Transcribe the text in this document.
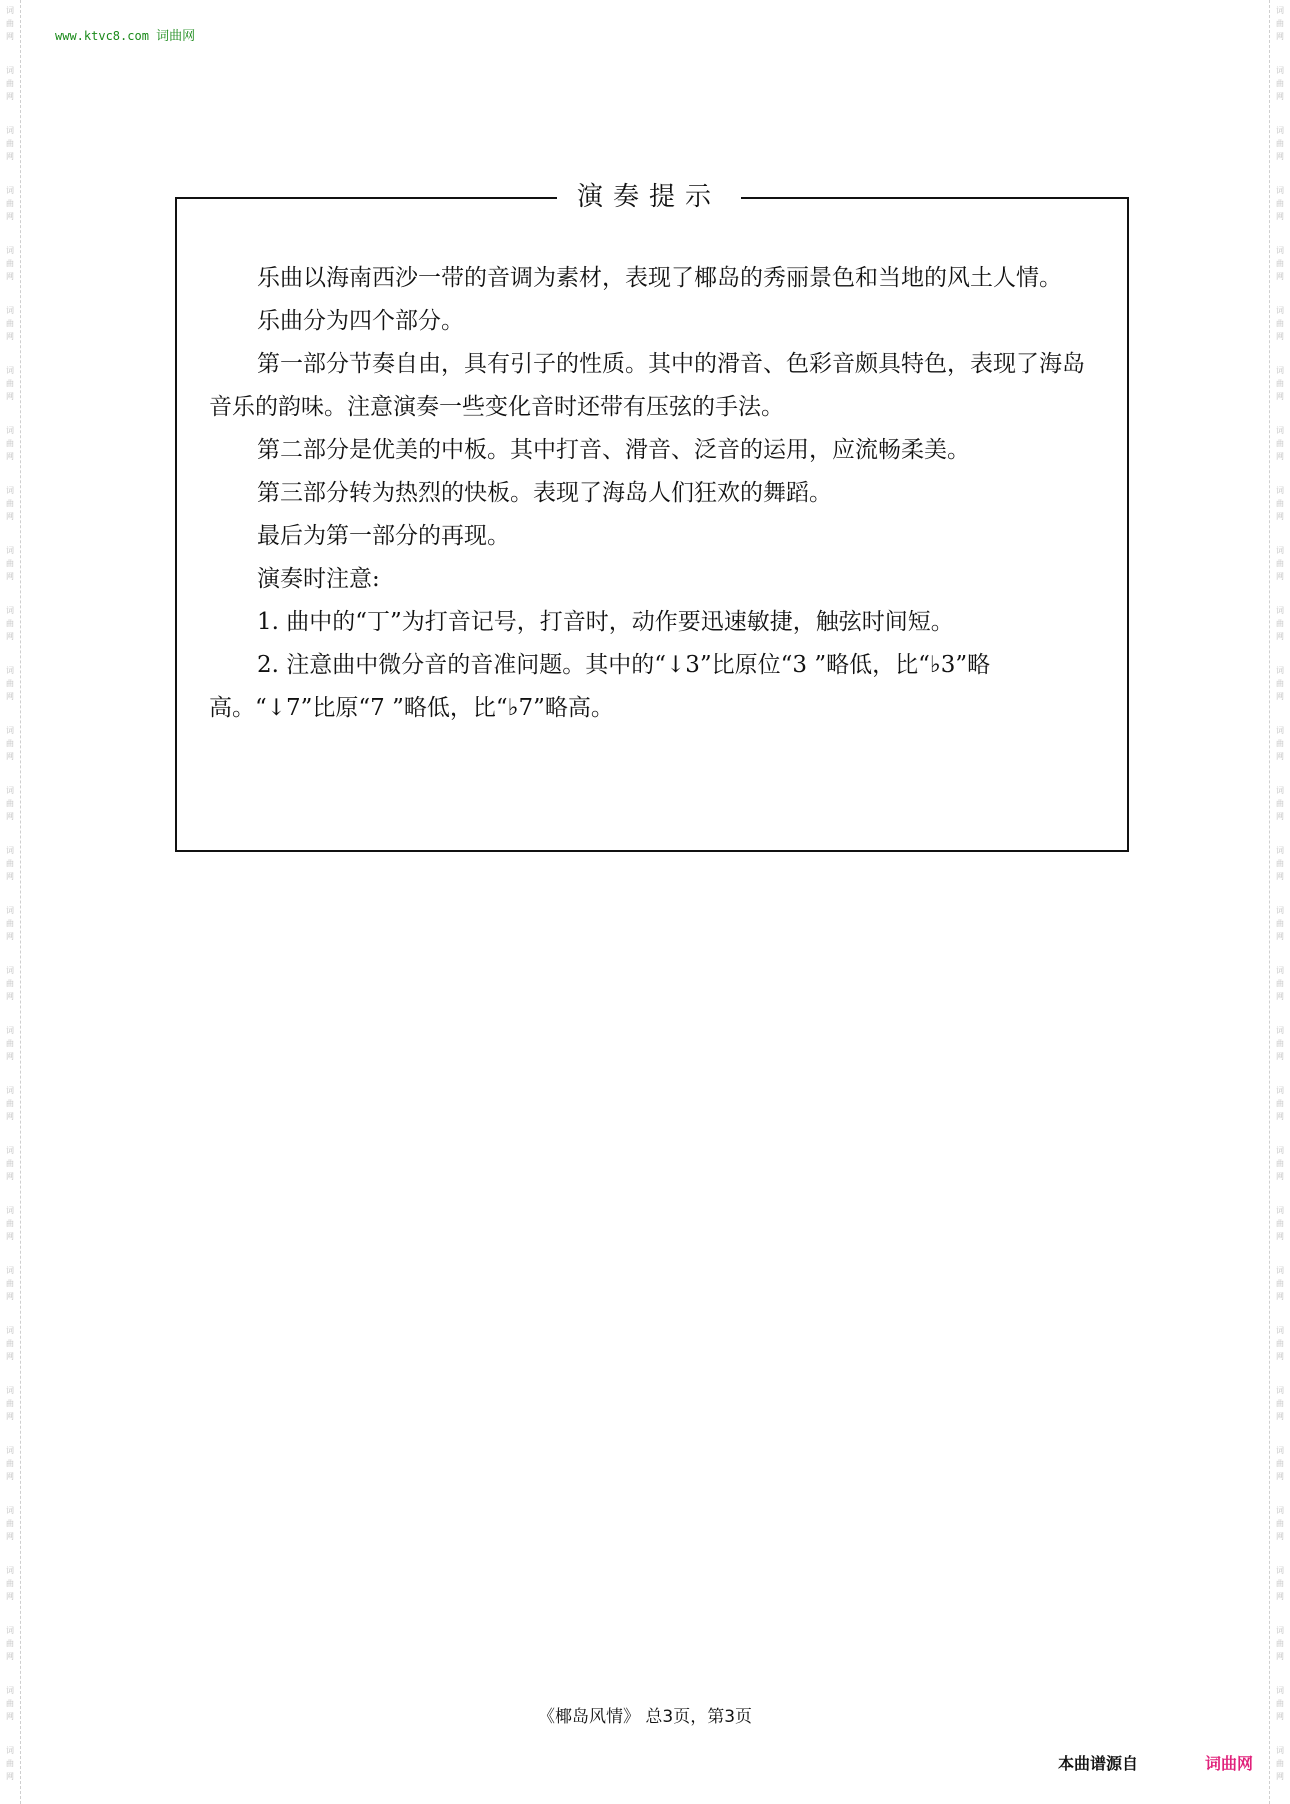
词
曲
网
词
曲
网
词
曲
网
词
曲
网
词
曲
网
词
曲
网
词
曲
网
词
曲
网
词
曲
网
词
曲
网
词
曲
网
词
曲
网
词
曲
网
词
曲
网
词
曲
网
词
曲
网
词
曲
网
词
曲
网
词
曲
网
词
曲
网
词
曲
网
词
曲
网
词
曲
网
词
曲
网
词
曲
网
词
曲
网
词
曲
网
词
曲
网
词
曲
网
词
曲
网
词
曲
网
词
曲
网
词
曲
网
词
曲
网
词
曲
网
词
曲
网
词
曲
网
词
曲
网
词
曲
网
词
曲
网
词
曲
网
词
曲
网
词
曲
网
词
曲
网
词
曲
网
词
曲
网
词
曲
网
词
曲
网
词
曲
网
词
曲
网
词
曲
网
词
曲
网
词
曲
网
词
曲
网
词
曲
网
词
曲
网
词
曲
网
词
曲
网
词
曲
网
词
曲
网
www.ktvc8.com 词曲网
演奏提示

乐曲以海南西沙一带的音调为素材，表现了椰岛的秀丽景色和当地的风土人情。

乐曲分为四个部分。

第一部分节奏自由，具有引子的性质。其中的滑音、色彩音颇具特色，表现了海岛音乐的韵味。注意演奏一些变化音时还带有压弦的手法。

第二部分是优美的中板。其中打音、滑音、泛音的运用，应流畅柔美。

第三部分转为热烈的快板。表现了海岛人们狂欢的舞蹈。

最后为第一部分的再现。

演奏时注意:

1. 曲中的“丁”为打音记号，打音时，动作要迅速敏捷，触弦时间短。

2. 注意曲中微分音的音准问题。其中的“↓3”比原位“3 ”略低，比“♭3”略高。“↓7”比原“7 ”略低，比“♭7”略高。

《椰岛风情》 总3页，第3页
本曲谱源自	词曲网
